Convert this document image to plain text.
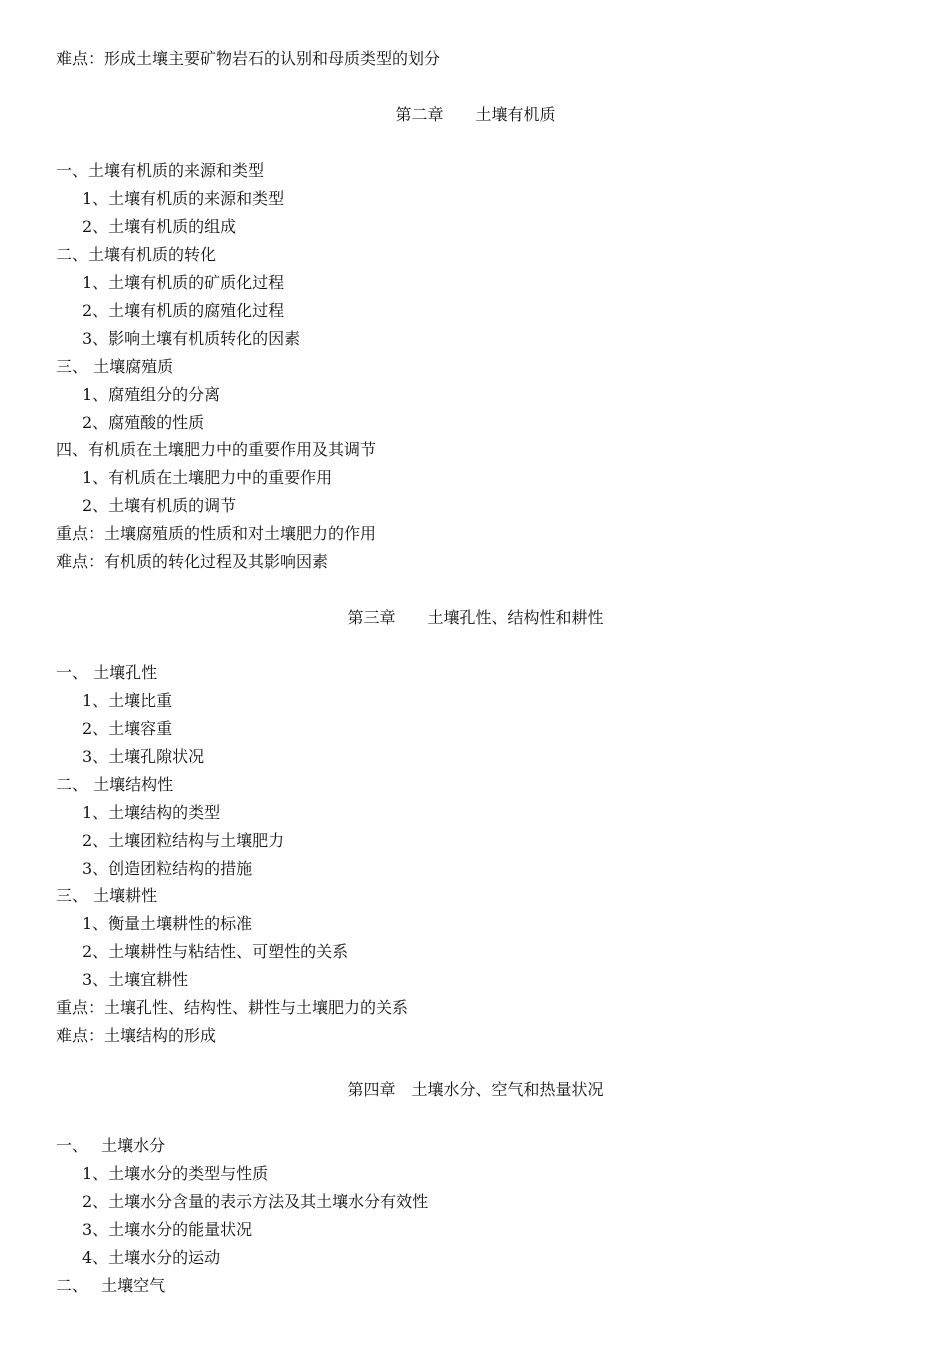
难点：形成土壤主要矿物岩石的认别和母质类型的划分
第二章　　土壤有机质
一、土壤有机质的来源和类型
1、土壤有机质的来源和类型
2、土壤有机质的组成
二、土壤有机质的转化
1、土壤有机质的矿质化过程
2、土壤有机质的腐殖化过程
3、影响土壤有机质转化的因素
三、 土壤腐殖质
1、腐殖组分的分离
2、腐殖酸的性质
四、有机质在土壤肥力中的重要作用及其调节
1、有机质在土壤肥力中的重要作用
2、土壤有机质的调节
重点：土壤腐殖质的性质和对土壤肥力的作用
难点：有机质的转化过程及其影响因素
第三章　　土壤孔性、结构性和耕性
一、 土壤孔性
1、土壤比重
2、土壤容重
3、土壤孔隙状况
二、 土壤结构性
1、土壤结构的类型
2、土壤团粒结构与土壤肥力
3、创造团粒结构的措施
三、 土壤耕性
1、衡量土壤耕性的标准
2、土壤耕性与粘结性、可塑性的关系
3、土壤宜耕性
重点：土壤孔性、结构性、耕性与土壤肥力的关系
难点：土壤结构的形成
第四章　土壤水分、空气和热量状况
一、　 土壤水分
1、土壤水分的类型与性质
2、土壤水分含量的表示方法及其土壤水分有效性
3、土壤水分的能量状况
4、土壤水分的运动
二、　 土壤空气
